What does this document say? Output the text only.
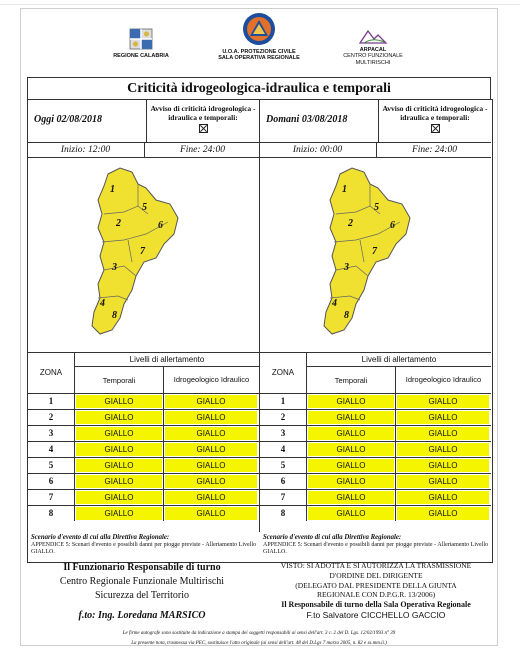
REGIONE CALABRIA
U.O.A. PROTEZIONE CIVILE
SALA OPERATIVA REGIONALE
ARPACAL
CENTRO FUNZIONALE MULTIRISCHI
Criticità idrogeologica-idraulica e temporali
Oggi 02/08/2018
Avviso di criticità idrogeologica - idraulica e temporali:
Inizio: 12:00	Fine: 24:00
1
5
2	6
7
3
4
8
ZONA
Livelli di allertamento
Temporali	Idrogeologico Idraulico
1	GIALLO	GIALLO
2	GIALLO	GIALLO
3	GIALLO	GIALLO
4	GIALLO	GIALLO
5	GIALLO	GIALLO
6	GIALLO	GIALLO
7	GIALLO	GIALLO
8	GIALLO	GIALLO
Scenario d'evento di cui alla Direttiva Regionale:
APPENDICE 5: Scenari d'evento e possibili danni per piogge previste - Allertamento Livello GIALLO.
Domani 03/08/2018
Avviso di criticità idrogeologica - idraulica e temporali:
Inizio: 00:00	Fine: 24:00
1
5
2	6
7
3
4
8
ZONA
Livelli di allertamento
Temporali	Idrogeologico Idraulico
1	GIALLO	GIALLO
2	GIALLO	GIALLO
3	GIALLO	GIALLO
4	GIALLO	GIALLO
5	GIALLO	GIALLO
6	GIALLO	GIALLO
7	GIALLO	GIALLO
8	GIALLO	GIALLO
Scenario d'evento di cui alla Direttiva Regionale:
APPENDICE 5: Scenari d'evento e possibili danni per piogge previste - Allertamento Livello GIALLO.
Il Funzionario Responsabile di turno
Centro Regionale Funzionale Multirischi
Sicurezza del Territorio
f.to: Ing. Loredana MARSICO
VISTO: SI ADOTTA E SI AUTORIZZA LA TRASMISSIONE
D'ORDINE DEL DIRIGENTE
(DELEGATO DAL PRESIDENTE DELLA GIUNTA
REGIONALE CON D.P.G.R. 13/2006)
Il Responsabile di turno della Sala Operativa Regionale
F.to Salvatore CICCHELLO GACCIO
Le firme autografe sono sostituite da indicazione a stampa dei soggetti responsabili ai sensi dell'art. 3 c. 2 del D. Lgs. 12/02/1993 n° 39
La presente nota, trasmessa via PEC, sostituisce l'atto originale (ai sensi dell'art. 48 del D.Lgs 7 marzo 2005, n. 82 e ss.mm.ii.)
